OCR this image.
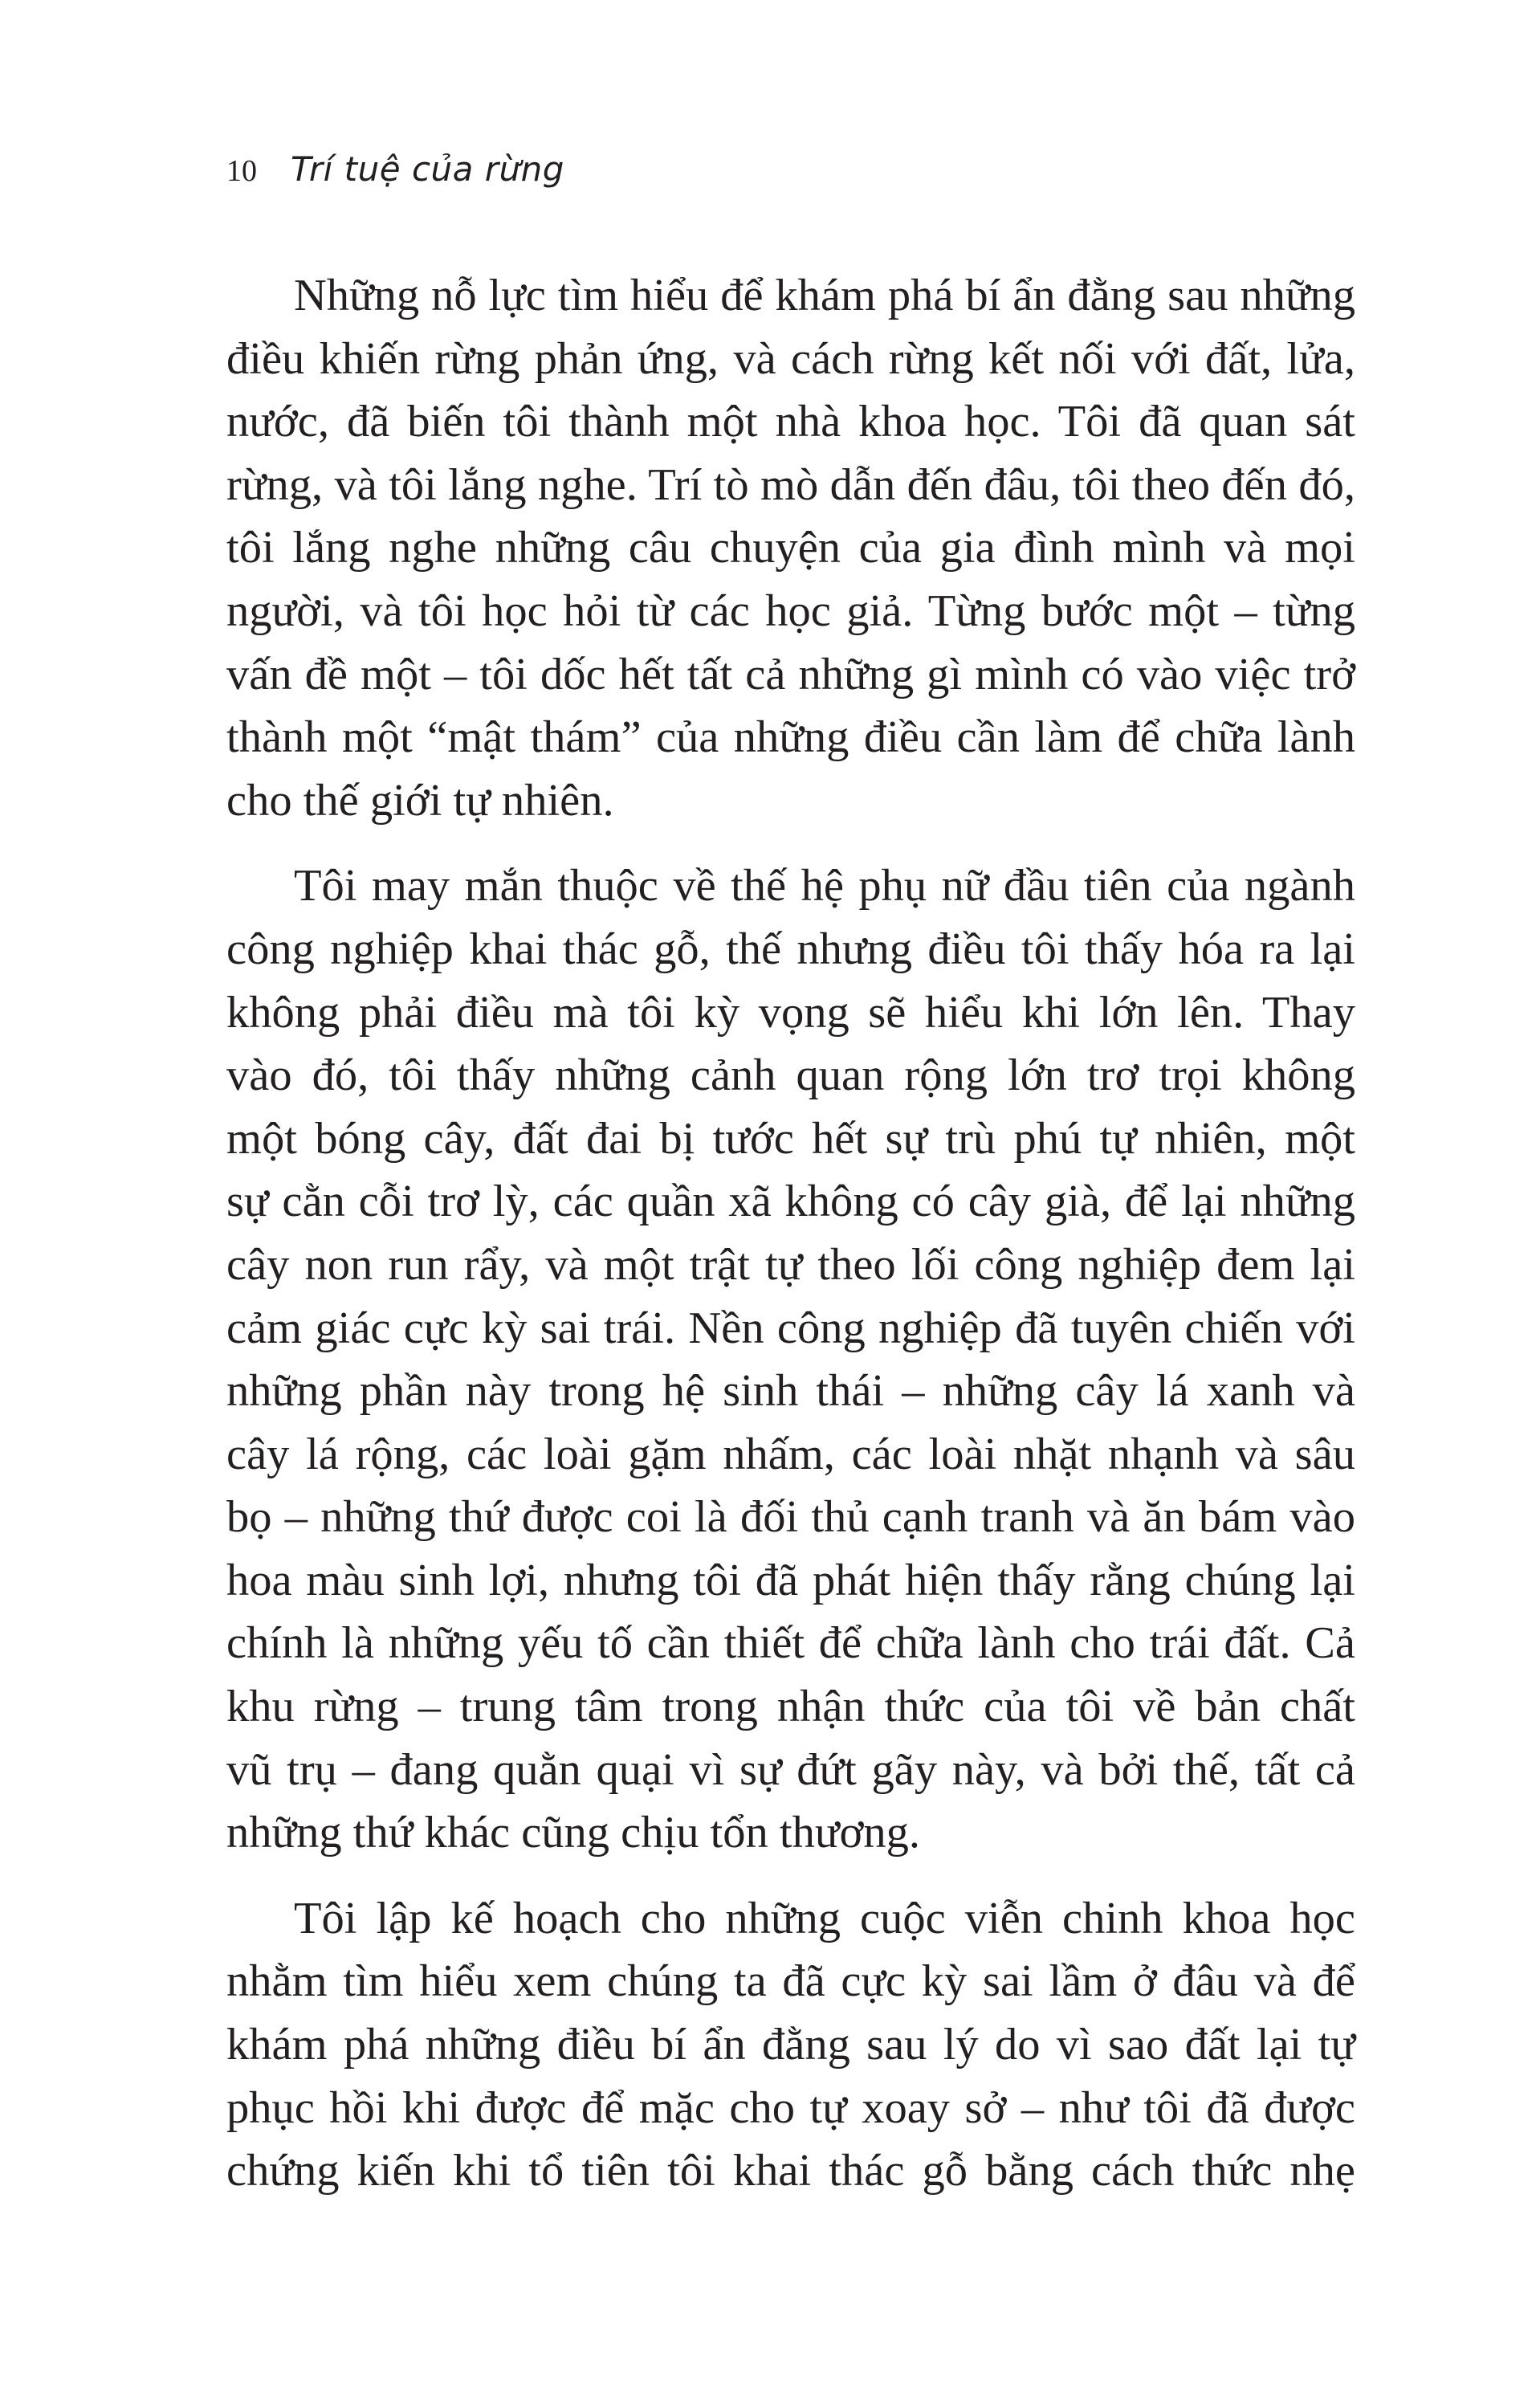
10 Trí tuệ của rừng
Những nỗ lực tìm hiểu để khám phá bí ẩn đằng sau những
điều khiến rừng phản ứng, và cách rừng kết nối với đất, lửa,
nước, đã biến tôi thành một nhà khoa học. Tôi đã quan sát
rừng, và tôi lắng nghe. Trí tò mò dẫn đến đâu, tôi theo đến đó,
tôi lắng nghe những câu chuyện của gia đình mình và mọi
người, và tôi học hỏi từ các học giả. Từng bước một – từng
vấn đề một – tôi dốc hết tất cả những gì mình có vào việc trở
thành một “mật thám” của những điều cần làm để chữa lành
cho thế giới tự nhiên.
Tôi may mắn thuộc về thế hệ phụ nữ đầu tiên của ngành
công nghiệp khai thác gỗ, thế nhưng điều tôi thấy hóa ra lại
không phải điều mà tôi kỳ vọng sẽ hiểu khi lớn lên. Thay
vào đó, tôi thấy những cảnh quan rộng lớn trơ trọi không
một bóng cây, đất đai bị tước hết sự trù phú tự nhiên, một
sự cằn cỗi trơ lỳ, các quần xã không có cây già, để lại những
cây non run rẩy, và một trật tự theo lối công nghiệp đem lại
cảm giác cực kỳ sai trái. Nền công nghiệp đã tuyên chiến với
những phần này trong hệ sinh thái – những cây lá xanh và
cây lá rộng, các loài gặm nhấm, các loài nhặt nhạnh và sâu
bọ – những thứ được coi là đối thủ cạnh tranh và ăn bám vào
hoa màu sinh lợi, nhưng tôi đã phát hiện thấy rằng chúng lại
chính là những yếu tố cần thiết để chữa lành cho trái đất. Cả
khu rừng – trung tâm trong nhận thức của tôi về bản chất
vũ trụ – đang quằn quại vì sự đứt gãy này, và bởi thế, tất cả
những thứ khác cũng chịu tổn thương.
Tôi lập kế hoạch cho những cuộc viễn chinh khoa học
nhằm tìm hiểu xem chúng ta đã cực kỳ sai lầm ở đâu và để
khám phá những điều bí ẩn đằng sau lý do vì sao đất lại tự
phục hồi khi được để mặc cho tự xoay sở – như tôi đã được
chứng kiến khi tổ tiên tôi khai thác gỗ bằng cách thức nhẹ
